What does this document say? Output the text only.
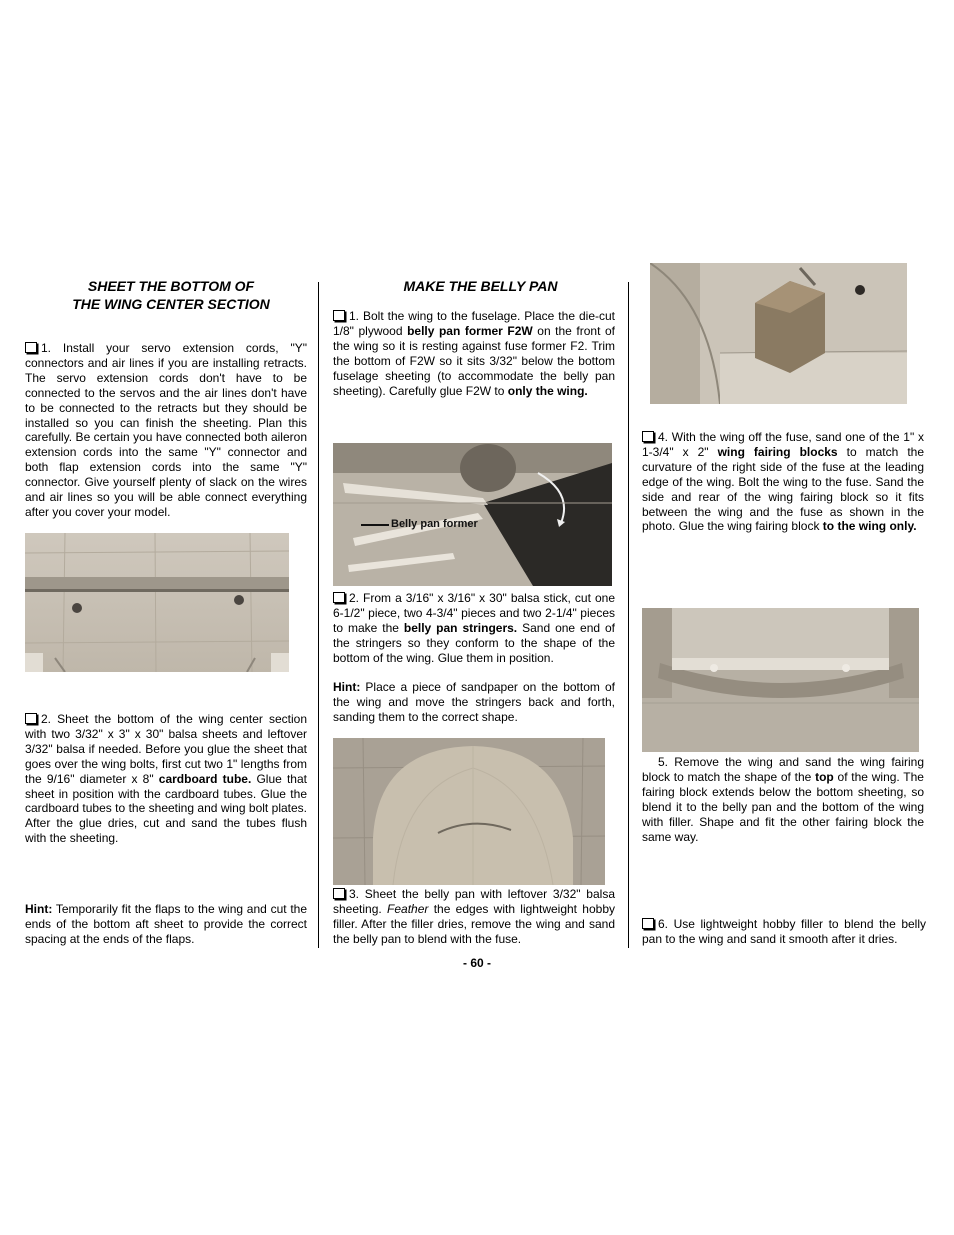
SHEET THE BOTTOM OF
THE WING CENTER SECTION
1. Install your servo extension cords, "Y" connectors and air lines if you are installing retracts. The servo extension cords don't have to be connected to the servos and the air lines don't have to be connected to the retracts but they should be installed so you can finish the sheeting. Plan this carefully. Be certain you have connected both aileron extension cords into the same "Y" connector and both flap extension cords into the same "Y" connector. Give yourself plenty of slack on the wires and air lines so you will be able connect everything after you cover your model.
2. Sheet the bottom of the wing center section with two 3/32" x 3" x 30" balsa sheets and leftover 3/32" balsa if needed. Before you glue the sheet that goes over the wing bolts, first cut two 1" lengths from the 9/16" diameter x 8" cardboard tube. Glue that sheet in position with the cardboard tubes. Glue the cardboard tubes to the sheeting and wing bolt plates. After the glue dries, cut and sand the tubes flush with the sheeting.
Hint: Temporarily fit the flaps to the wing and cut the ends of the bottom aft sheet to provide the correct spacing at the ends of the flaps.
MAKE THE BELLY PAN
1. Bolt the wing to the fuselage. Place the die-cut 1/8" plywood belly pan former F2W on the front of the wing so it is resting against fuse former F2. Trim the bottom of F2W so it sits 3/32" below the bottom fuselage sheeting (to accommodate the belly pan sheeting). Carefully glue F2W to only the wing.
Belly pan former
2. From a 3/16" x 3/16" x 30" balsa stick, cut one 6-1/2" piece, two 4-3/4" pieces and two 2-1/4" pieces to make the belly pan stringers. Sand one end of the stringers so they conform to the shape of the bottom of the wing. Glue them in position.
Hint: Place a piece of sandpaper on the bottom of the wing and move the stringers back and forth, sanding them to the correct shape.
3. Sheet the belly pan with leftover 3/32" balsa sheeting. Feather the edges with lightweight hobby filler. After the filler dries, remove the wing and sand the belly pan to blend with the fuse.
4. With the wing off the fuse, sand one of the 1" x 1-3/4" x 2" wing fairing blocks to match the curvature of the right side of the fuse at the leading edge of the wing. Bolt the wing to the fuse. Sand the side and rear of the wing fairing block so it fits between the wing and the fuse as shown in the photo. Glue the wing fairing block to the wing only.
5. Remove the wing and sand the wing fairing block to match the shape of the top of the wing. The fairing block extends below the bottom sheeting, so blend it to the belly pan and the bottom of the wing with filler. Shape and fit the other fairing block the same way.
6. Use lightweight hobby filler to blend the belly pan to the wing and sand it smooth after it dries.
- 60 -
